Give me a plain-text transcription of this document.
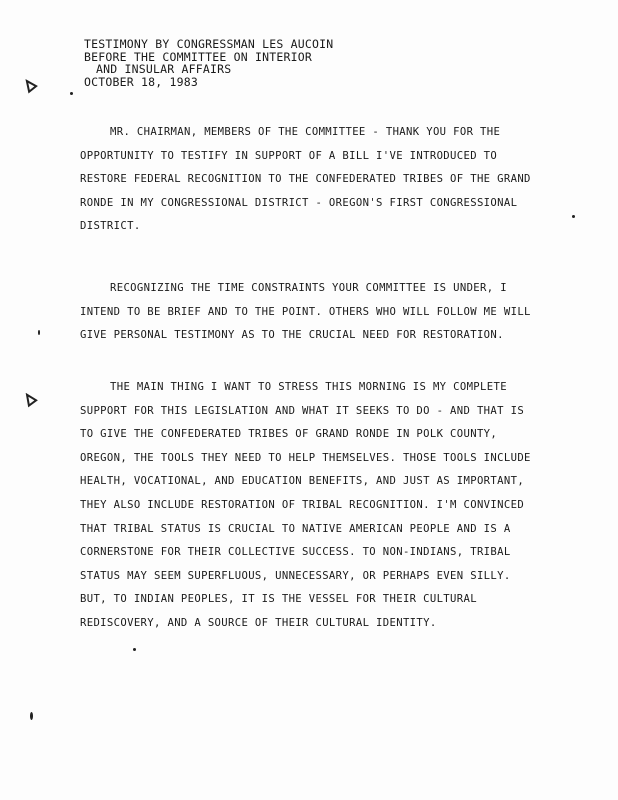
TESTIMONY BY CONGRESSMAN LES AUCOIN
BEFORE THE COMMITTEE ON INTERIOR
AND INSULAR AFFAIRS
OCTOBER 18, 1983
MR. CHAIRMAN, MEMBERS OF THE COMMITTEE - THANK YOU FOR THE
OPPORTUNITY TO TESTIFY IN SUPPORT OF A BILL I'VE INTRODUCED TO
RESTORE FEDERAL RECOGNITION TO THE CONFEDERATED TRIBES OF THE GRAND
RONDE IN MY CONGRESSIONAL DISTRICT - OREGON'S FIRST CONGRESSIONAL
DISTRICT.
RECOGNIZING THE TIME CONSTRAINTS YOUR COMMITTEE IS UNDER, I
INTEND TO BE BRIEF AND TO THE POINT. OTHERS WHO WILL FOLLOW ME WILL
GIVE PERSONAL TESTIMONY AS TO THE CRUCIAL NEED FOR RESTORATION.
THE MAIN THING I WANT TO STRESS THIS MORNING IS MY COMPLETE
SUPPORT FOR THIS LEGISLATION AND WHAT IT SEEKS TO DO - AND THAT IS
TO GIVE THE CONFEDERATED TRIBES OF GRAND RONDE IN POLK COUNTY,
OREGON, THE TOOLS THEY NEED TO HELP THEMSELVES. THOSE TOOLS INCLUDE
HEALTH, VOCATIONAL, AND EDUCATION BENEFITS, AND JUST AS IMPORTANT,
THEY ALSO INCLUDE RESTORATION OF TRIBAL RECOGNITION. I'M CONVINCED
THAT TRIBAL STATUS IS CRUCIAL TO NATIVE AMERICAN PEOPLE AND IS A
CORNERSTONE FOR THEIR COLLECTIVE SUCCESS. TO NON-INDIANS, TRIBAL
STATUS MAY SEEM SUPERFLUOUS, UNNECESSARY, OR PERHAPS EVEN SILLY.
BUT, TO INDIAN PEOPLES, IT IS THE VESSEL FOR THEIR CULTURAL
REDISCOVERY, AND A SOURCE OF THEIR CULTURAL IDENTITY.
